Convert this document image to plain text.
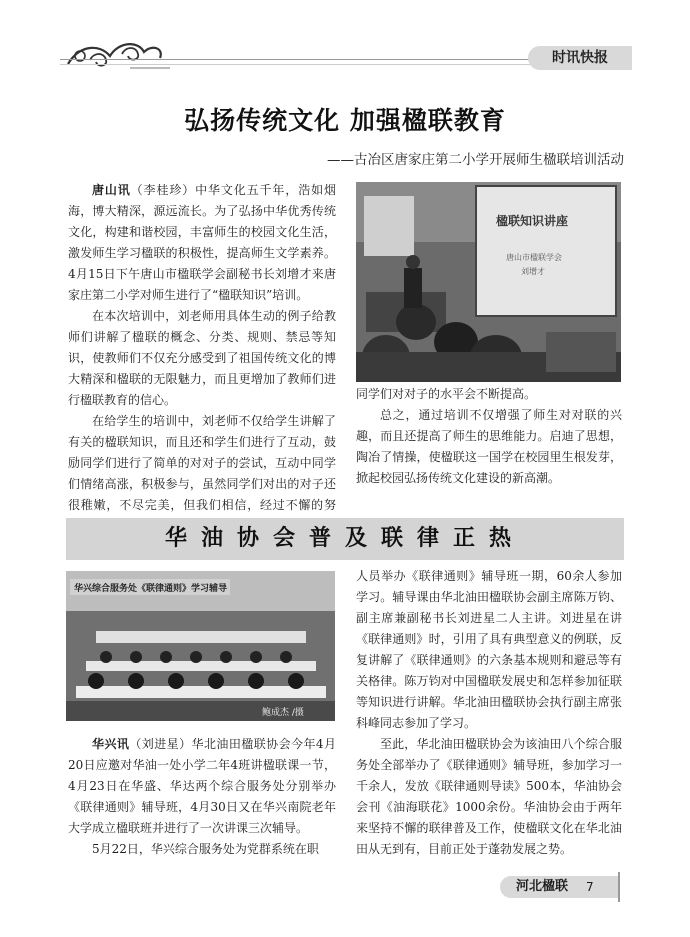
时讯快报
弘扬传统文化 加强楹联教育
——古冶区唐家庄第二小学开展师生楹联培训活动

唐山讯（李桂珍）中华文化五千年，浩如烟海，博大精深，源远流长。为了弘扬中华优秀传统文化，构建和谐校园，丰富师生的校园文化生活，激发师生学习楹联的积极性，提高师生文学素养。4月15日下午唐山市楹联学会副秘书长刘增才来唐家庄第二小学对师生进行了“楹联知识”培训。

在本次培训中，刘老师用具体生动的例子给教师们讲解了楹联的概念、分类、规则、禁忌等知识，使教师们不仅充分感受到了祖国传统文化的博大精深和楹联的无限魅力，而且更增加了教师们进行楹联教育的信心。

在给学生的培训中，刘老师不仅给学生讲解了有关的楹联知识，而且还和学生们进行了互动，鼓励同学们进行了简单的对对子的尝试，互动中同学们情绪高涨，积极参与，虽然同学们对出的对子还很稚嫩，不尽完美，但我们相信，经过不懈的努

楹联知识讲座
唐山市楹联学会
刘增才

同学们对对子的水平会不断提高。

总之，通过培训不仅增强了师生对对联的兴趣，而且还提高了师生的思维能力。启迪了思想，陶冶了情操，使楹联这一国学在校园里生根发芽，掀起校园弘扬传统文化建设的新高潮。

华油协会普及联律正热
华兴综合服务处《联律通则》学习辅导
鲍成杰 /摄

华兴讯（刘进星）华北油田楹联协会今年4月20日应邀对华油一处小学二年4班讲楹联课一节，4月23日在华盛、华达两个综合服务处分别举办《联律通则》辅导班，4月30日又在华兴南院老年大学成立楹联班并进行了一次讲课三次辅导。

5月22日，华兴综合服务处为党群系统在职

人员举办《联律通则》辅导班一期，60余人参加学习。辅导课由华北油田楹联协会副主席陈万钧、副主席兼副秘书长刘进星二人主讲。刘进星在讲《联律通则》时，引用了具有典型意义的例联，反复讲解了《联律通则》的六条基本规则和避忌等有关格律。陈万钧对中国楹联发展史和怎样参加征联等知识进行讲解。华北油田楹联协会执行副主席张科峰同志参加了学习。

至此，华北油田楹联协会为该油田八个综合服务处全部举办了《联律通则》辅导班，参加学习一千余人，发放《联律通则导读》500本，华油协会会刊《油海联花》1000余份。华油协会由于两年来坚持不懈的联律普及工作，使楹联文化在华北油田从无到有，目前正处于蓬勃发展之势。

河北楹联 7
